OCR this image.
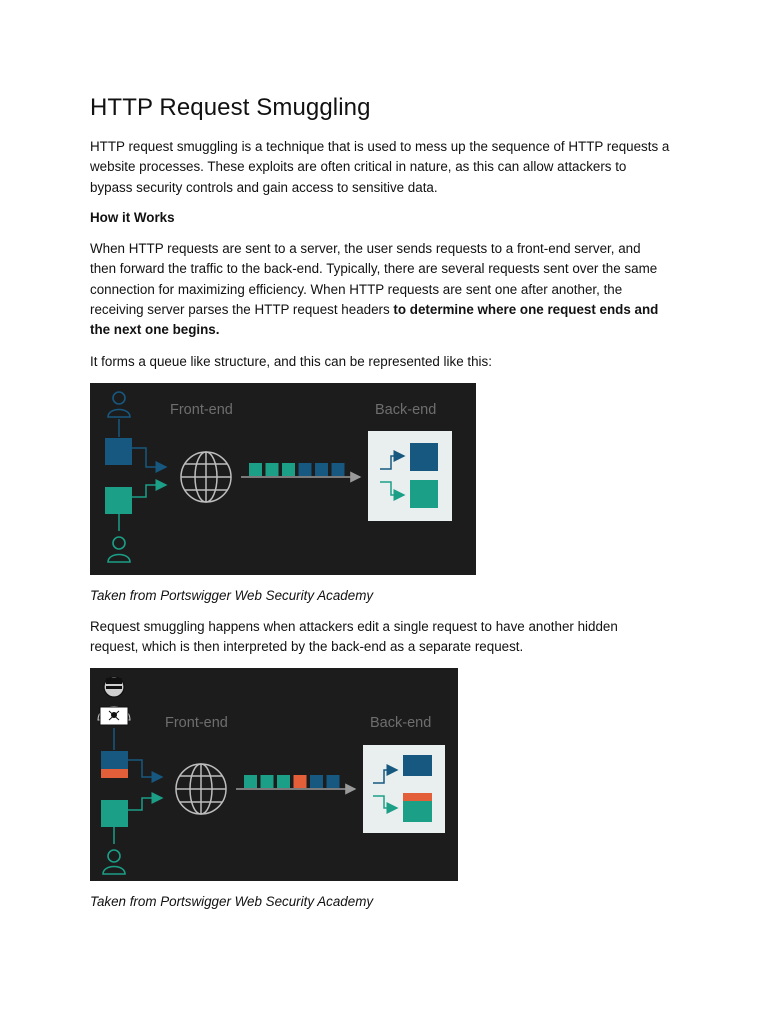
HTTP Request Smuggling

HTTP request smuggling is a technique that is used to mess up the sequence of HTTP requests a
website processes. These exploits are often critical in nature, as this can allow attackers to
bypass security controls and gain access to sensitive data.

How it Works

When HTTP requests are sent to a server, the user sends requests to a front-end server, and
then forward the traffic to the back-end. Typically, there are several requests sent over the same
connection for maximizing efficiency. When HTTP requests are sent one after another, the
receiving server parses the HTTP request headers to determine where one request ends and
the next one begins.

It forms a queue like structure, and this can be represented like this:

Front-end	Back-end

Taken from Portswigger Web Security Academy

Request smuggling happens when attackers edit a single request to have another hidden
request, which is then interpreted by the back-end as a separate request.

Front-end	Back-end

Taken from Portswigger Web Security Academy
